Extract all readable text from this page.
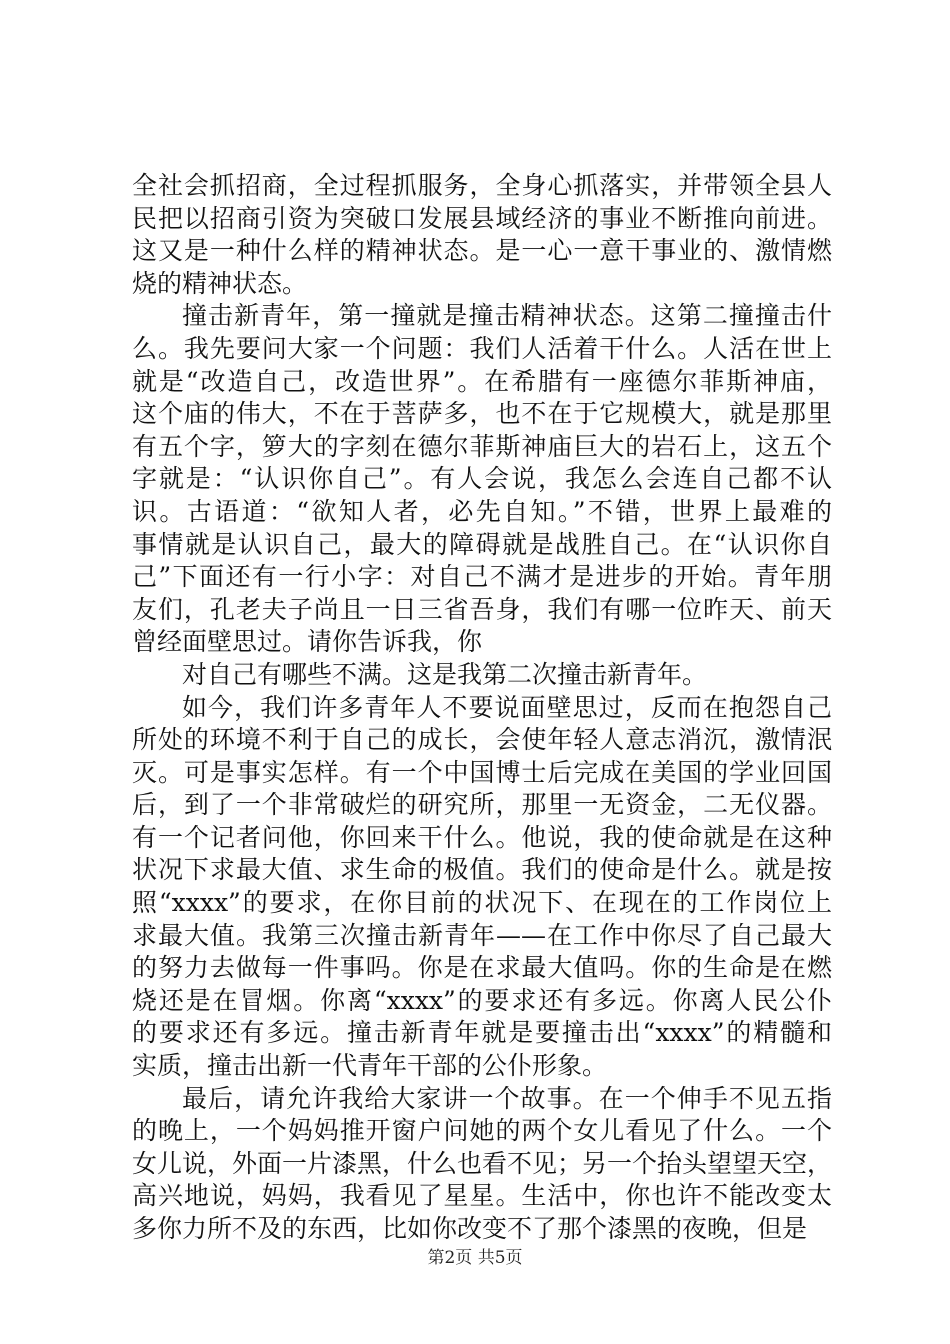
全社会抓招商，全过程抓服务，全身心抓落实，并带领全县人
民把以招商引资为突破口发展县域经济的事业不断推向前进。
这又是一种什么样的精神状态。是一心一意干事业的、激情燃
烧的精神状态。
撞击新青年，第一撞就是撞击精神状态。这第二撞撞击什
么。我先要问大家一个问题：我们人活着干什么。人活在世上
就是“改造自己，改造世界”。在希腊有一座德尔菲斯神庙，
这个庙的伟大，不在于菩萨多，也不在于它规模大，就是那里
有五个字，箩大的字刻在德尔菲斯神庙巨大的岩石上，这五个
字就是：“认识你自己”。有人会说，我怎么会连自己都不认
识。古语道：“欲知人者，必先自知。”不错，世界上最难的
事情就是认识自己，最大的障碍就是战胜自己。在“认识你自
己”下面还有一行小字：对自己不满才是进步的开始。青年朋
友们，孔老夫子尚且一日三省吾身，我们有哪一位昨天、前天
曾经面壁思过。请你告诉我，你
对自己有哪些不满。这是我第二次撞击新青年。
如今，我们许多青年人不要说面壁思过，反而在抱怨自己
所处的环境不利于自己的成长，会使年轻人意志消沉，激情泯
灭。可是事实怎样。有一个中国博士后完成在美国的学业回国
后，到了一个非常破烂的研究所，那里一无资金，二无仪器。
有一个记者问他，你回来干什么。他说，我的使命就是在这种
状况下求最大值、求生命的极值。我们的使命是什么。就是按
照“xxxx”的要求，在你目前的状况下、在现在的工作岗位上
求最大值。我第三次撞击新青年——在工作中你尽了自己最大
的努力去做每一件事吗。你是在求最大值吗。你的生命是在燃
烧还是在冒烟。你离“xxxx”的要求还有多远。你离人民公仆
的要求还有多远。撞击新青年就是要撞击出“xxxx”的精髓和
实质，撞击出新一代青年干部的公仆形象。
最后，请允许我给大家讲一个故事。在一个伸手不见五指
的晚上，一个妈妈推开窗户问她的两个女儿看见了什么。一个
女儿说，外面一片漆黑，什么也看不见；另一个抬头望望天空，
高兴地说，妈妈，我看见了星星。生活中，你也许不能改变太
多你力所不及的东西，比如你改变不了那个漆黑的夜晚，但是
第2页 共5页
